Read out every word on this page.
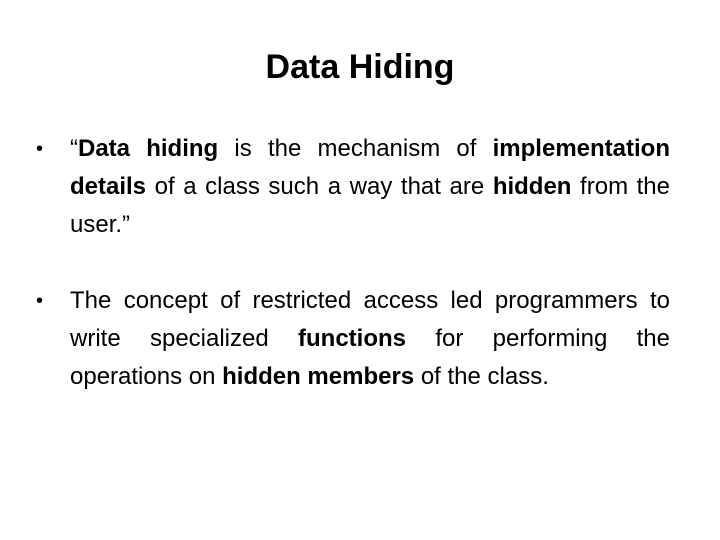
Data Hiding
•	“Data hiding is the mechanism of implementation details of a class such a way that are hidden from the user.”
•	The concept of restricted access led programmers to write specialized functions for performing the operations on hidden members of the class.
